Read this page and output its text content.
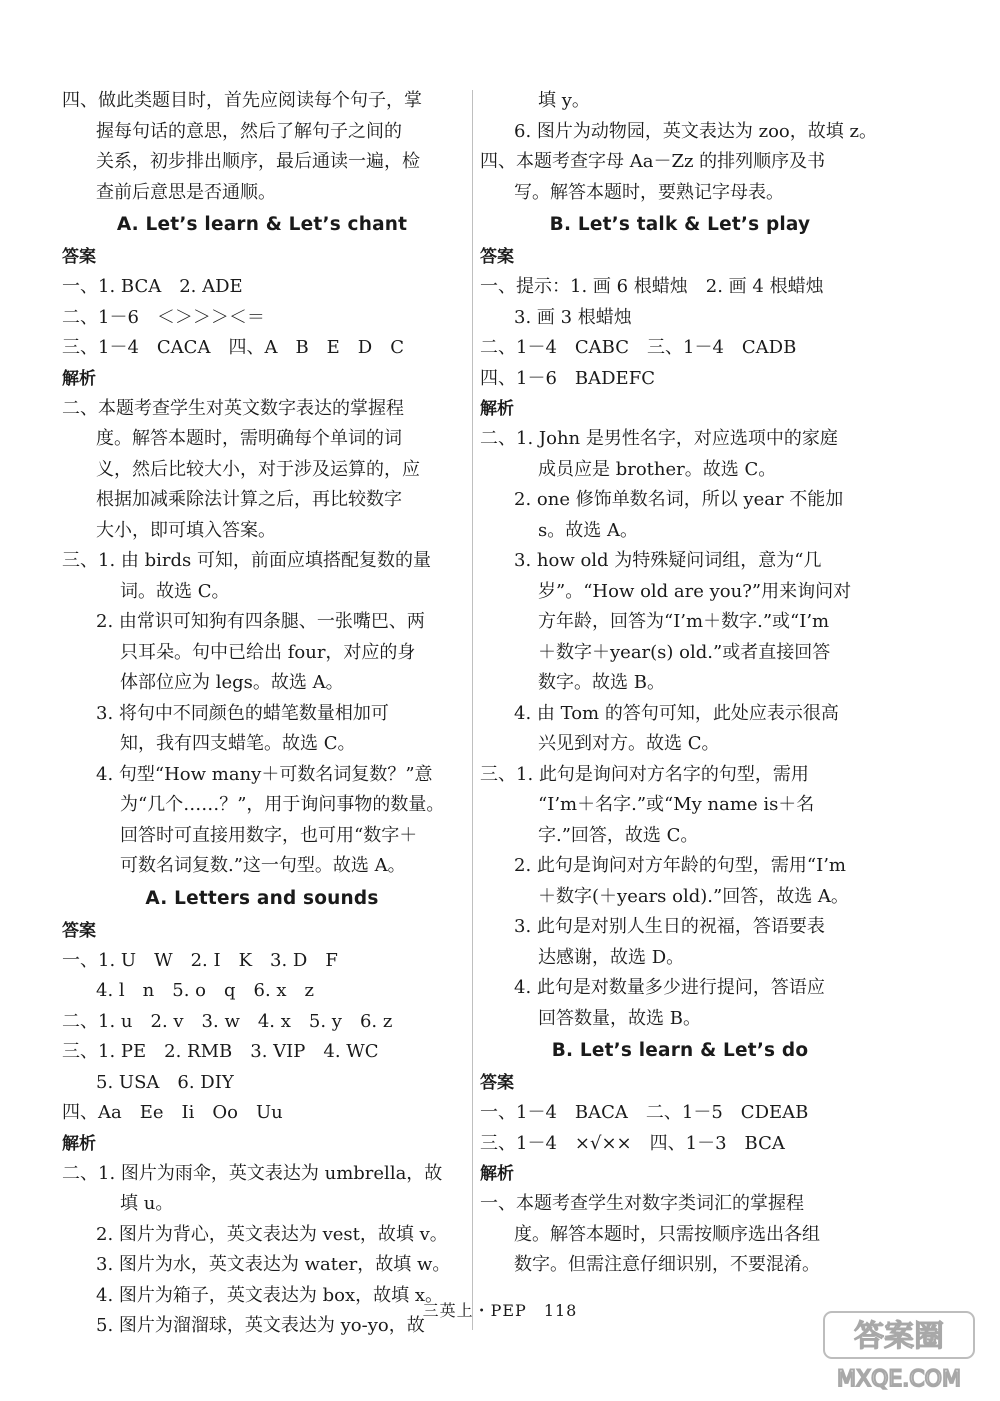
四、做此类题目时，首先应阅读每个句子，掌
握每句话的意思，然后了解句子之间的
关系，初步排出顺序，最后通读一遍，检
查前后意思是否通顺。
A. Let’s learn & Let’s chant
答案
一、1. BCA　2. ADE
二、1－6　＜＞＞＞＜＝
三、1－4　CACA　四、A　B　E　D　C
解析
二、本题考查学生对英文数字表达的掌握程
度。解答本题时，需明确每个单词的词
义，然后比较大小，对于涉及运算的，应
根据加减乘除法计算之后，再比较数字
大小，即可填入答案。
三、1. 由 birds 可知，前面应填搭配复数的量
词。故选 C。
2. 由常识可知狗有四条腿、一张嘴巴、两
只耳朵。句中已给出 four，对应的身
体部位应为 legs。故选 A。
3. 将句中不同颜色的蜡笔数量相加可
知，我有四支蜡笔。故选 C。
4. 句型“How many＋可数名词复数？”意
为“几个……？”，用于询问事物的数量。
回答时可直接用数字，也可用“数字＋
可数名词复数.”这一句型。故选 A。
A. Letters and sounds
答案
一、1. U　W　2. I　K　3. D　F
4. l　n　5. o　q　6. x　z
二、1. u　2. v　3. w　4. x　5. y　6. z
三、1. PE　2. RMB　3. VIP　4. WC
5. USA　6. DIY
四、Aa　Ee　Ii　Oo　Uu
解析
二、1. 图片为雨伞，英文表达为 umbrella，故
填 u。
2. 图片为背心，英文表达为 vest，故填 v。
3. 图片为水，英文表达为 water，故填 w。
4. 图片为箱子，英文表达为 box，故填 x。
5. 图片为溜溜球，英文表达为 yo-yo，故
填 y。
6. 图片为动物园，英文表达为 zoo，故填 z。
四、本题考查字母 Aa－Zz 的排列顺序及书
写。解答本题时，要熟记字母表。
B. Let’s talk & Let’s play
答案
一、提示：1. 画 6 根蜡烛　2. 画 4 根蜡烛
3. 画 3 根蜡烛
二、1－4　CABC　三、1－4　CADB
四、1－6　BADEFC
解析
二、1. John 是男性名字，对应选项中的家庭
成员应是 brother。故选 C。
2. one 修饰单数名词，所以 year 不能加
s。故选 A。
3. how old 为特殊疑问词组，意为“几
岁”。“How old are you?”用来询问对
方年龄，回答为“I’m＋数字.”或“I’m
＋数字＋year(s) old.”或者直接回答
数字。故选 B。
4. 由 Tom 的答句可知，此处应表示很高
兴见到对方。故选 C。
三、1. 此句是询问对方名字的句型，需用
“I’m＋名字.”或“My name is＋名
字.”回答，故选 C。
2. 此句是询问对方年龄的句型，需用“I’m
＋数字(＋years old).”回答，故选 A。
3. 此句是对别人生日的祝福，答语要表
达感谢，故选 D。
4. 此句是对数量多少进行提问，答语应
回答数量，故选 B。
B. Let’s learn & Let’s do
答案
一、1－4　BACA　二、1－5　CDEAB
三、1－4　×√××　四、1－3　BCA
解析
一、本题考查学生对数字类词汇的掌握程
度。解答本题时，只需按顺序选出各组
数字。但需注意仔细识别，不要混淆。
三英上・PEP　118
答案圈
MXQE.COM
